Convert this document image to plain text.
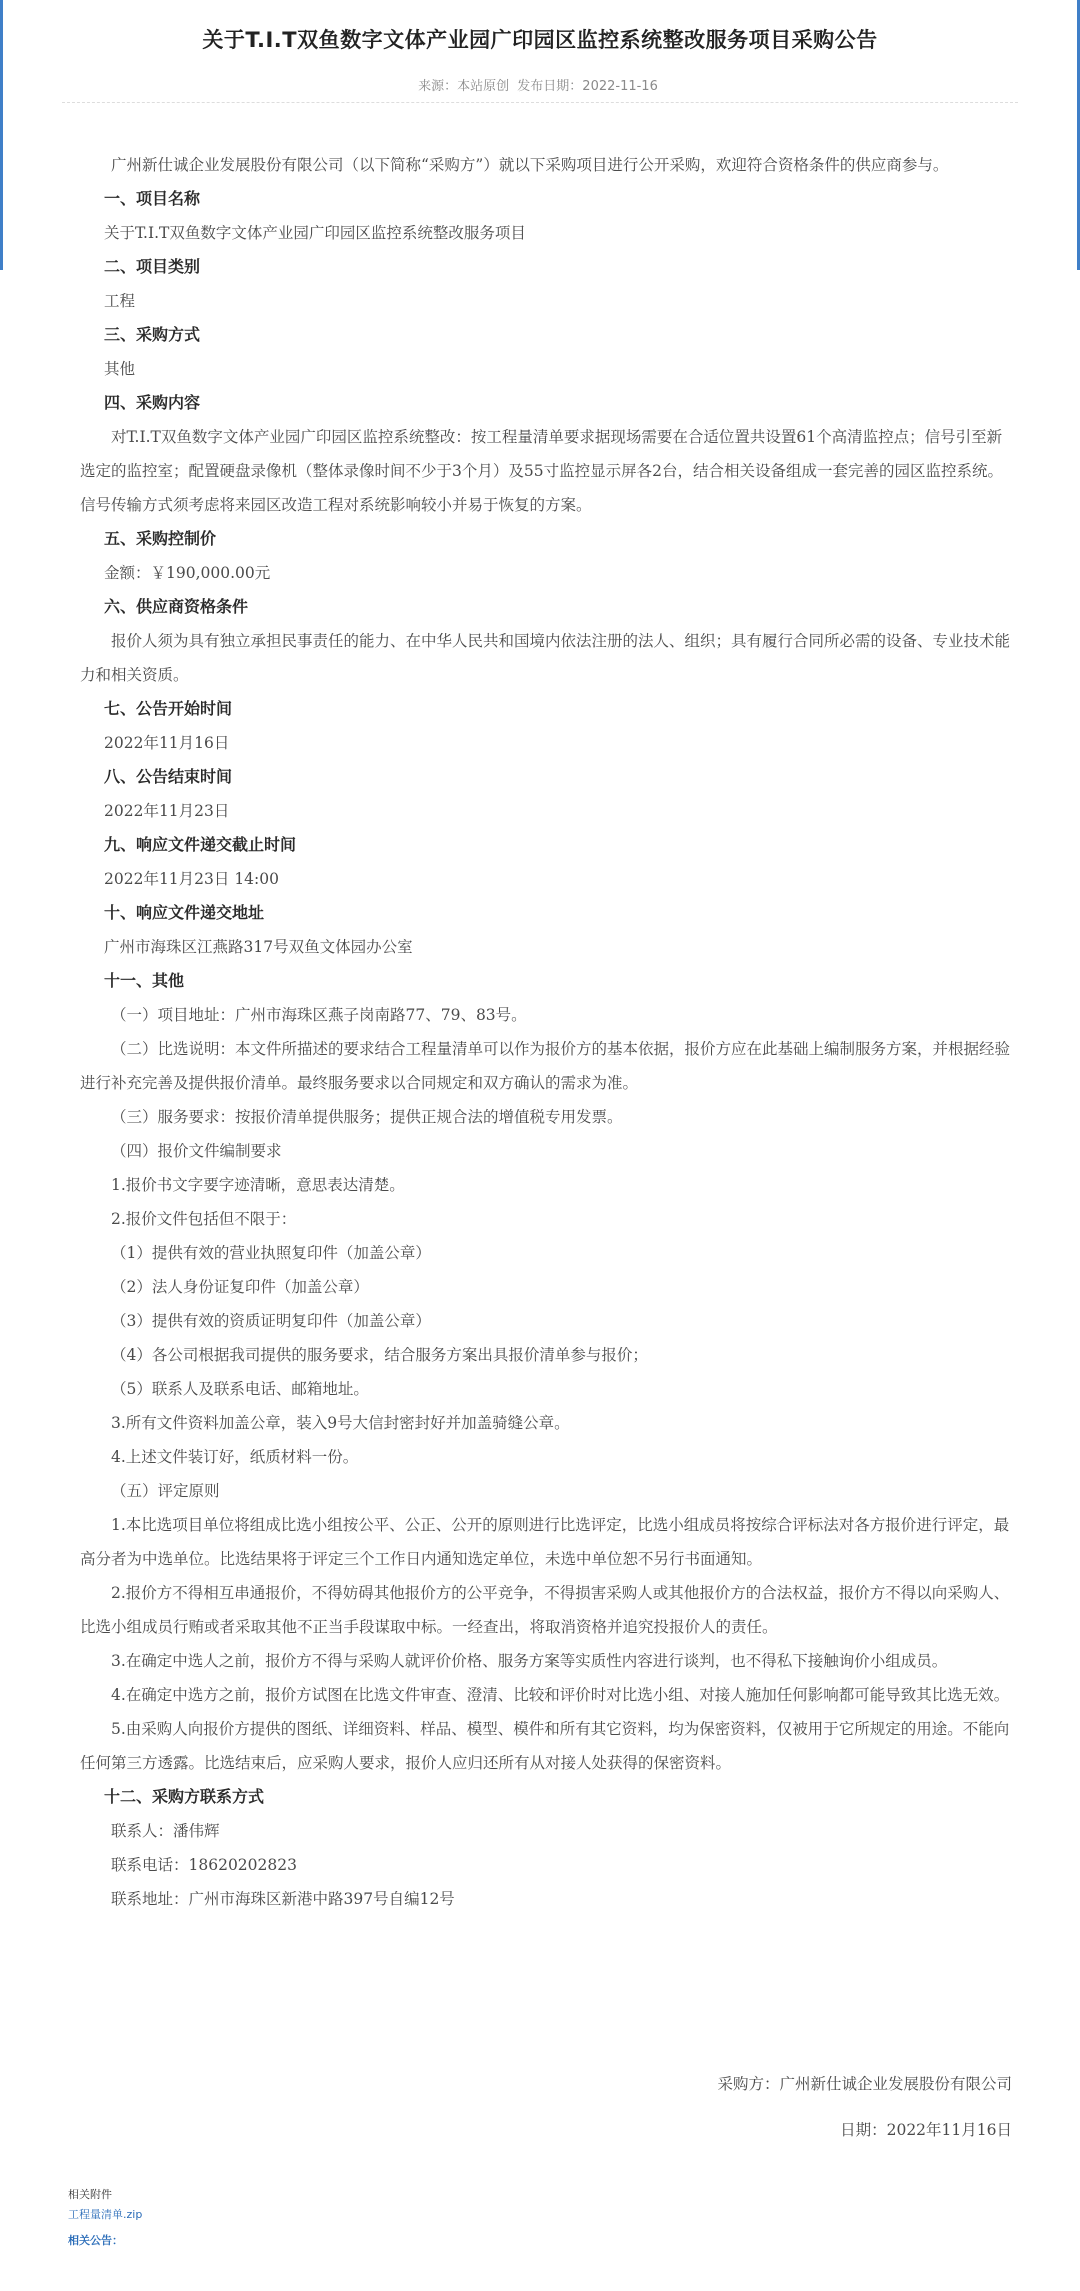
关于T.I.T双鱼数字文体产业园广印园区监控系统整改服务项目采购公告
来源：本站原创 发布日期：2022-11-16

广州新仕诚企业发展股份有限公司（以下简称“采购方”）就以下采购项目进行公开采购，欢迎符合资格条件的供应商参与。

一、项目名称

关于T.I.T双鱼数字文体产业园广印园区监控系统整改服务项目

二、项目类别

工程

三、采购方式

其他

四、采购内容

对T.I.T双鱼数字文体产业园广印园区监控系统整改：按工程量清单要求据现场需要在合适位置共设置61个高清监控点；信号引至新选定的监控室；配置硬盘录像机（整体录像时间不少于3个月）及55寸监控显示屏各2台，结合相关设备组成一套完善的园区监控系统。信号传输方式须考虑将来园区改造工程对系统影响较小并易于恢复的方案。

五、采购控制价

金额：￥190,000.00元

六、供应商资格条件

报价人须为具有独立承担民事责任的能力、在中华人民共和国境内依法注册的法人、组织；具有履行合同所必需的设备、专业技术能力和相关资质。

七、公告开始时间

2022年11月16日

八、公告结束时间

2022年11月23日

九、响应文件递交截止时间

2022年11月23日 14:00

十、响应文件递交地址

广州市海珠区江燕路317号双鱼文体园办公室

十一、其他

（一）项目地址：广州市海珠区燕子岗南路77、79、83号。

（二）比选说明：本文件所描述的要求结合工程量清单可以作为报价方的基本依据，报价方应在此基础上编制服务方案，并根据经验进行补充完善及提供报价清单。最终服务要求以合同规定和双方确认的需求为准。

（三）服务要求：按报价清单提供服务；提供正规合法的增值税专用发票。

（四）报价文件编制要求

1.报价书文字要字迹清晰，意思表达清楚。

2.报价文件包括但不限于：

（1）提供有效的营业执照复印件（加盖公章）

（2）法人身份证复印件（加盖公章）

（3）提供有效的资质证明复印件（加盖公章）

（4）各公司根据我司提供的服务要求，结合服务方案出具报价清单参与报价；

（5）联系人及联系电话、邮箱地址。

3.所有文件资料加盖公章，装入9号大信封密封好并加盖骑缝公章。

4.上述文件装订好，纸质材料一份。

（五）评定原则

1.本比选项目单位将组成比选小组按公平、公正、公开的原则进行比选评定，比选小组成员将按综合评标法对各方报价进行评定，最高分者为中选单位。比选结果将于评定三个工作日内通知选定单位，未选中单位恕不另行书面通知。

2.报价方不得相互串通报价，不得妨碍其他报价方的公平竞争，不得损害采购人或其他报价方的合法权益，报价方不得以向采购人、比选小组成员行贿或者采取其他不正当手段谋取中标。一经查出，将取消资格并追究投报价人的责任。

3.在确定中选人之前，报价方不得与采购人就评价价格、服务方案等实质性内容进行谈判，也不得私下接触询价小组成员。

4.在确定中选方之前，报价方试图在比选文件审查、澄清、比较和评价时对比选小组、对接人施加任何影响都可能导致其比选无效。

5.由采购人向报价方提供的图纸、详细资料、样品、模型、模件和所有其它资料，均为保密资料，仅被用于它所规定的用途。不能向任何第三方透露。比选结束后，应采购人要求，报价人应归还所有从对接人处获得的保密资料。

十二、采购方联系方式

联系人：潘伟辉

联系电话：18620202823

联系地址：广州市海珠区新港中路397号自编12号

采购方：广州新仕诚企业发展股份有限公司
日期：2022年11月16日
相关附件
工程量清单.zip
相关公告：
